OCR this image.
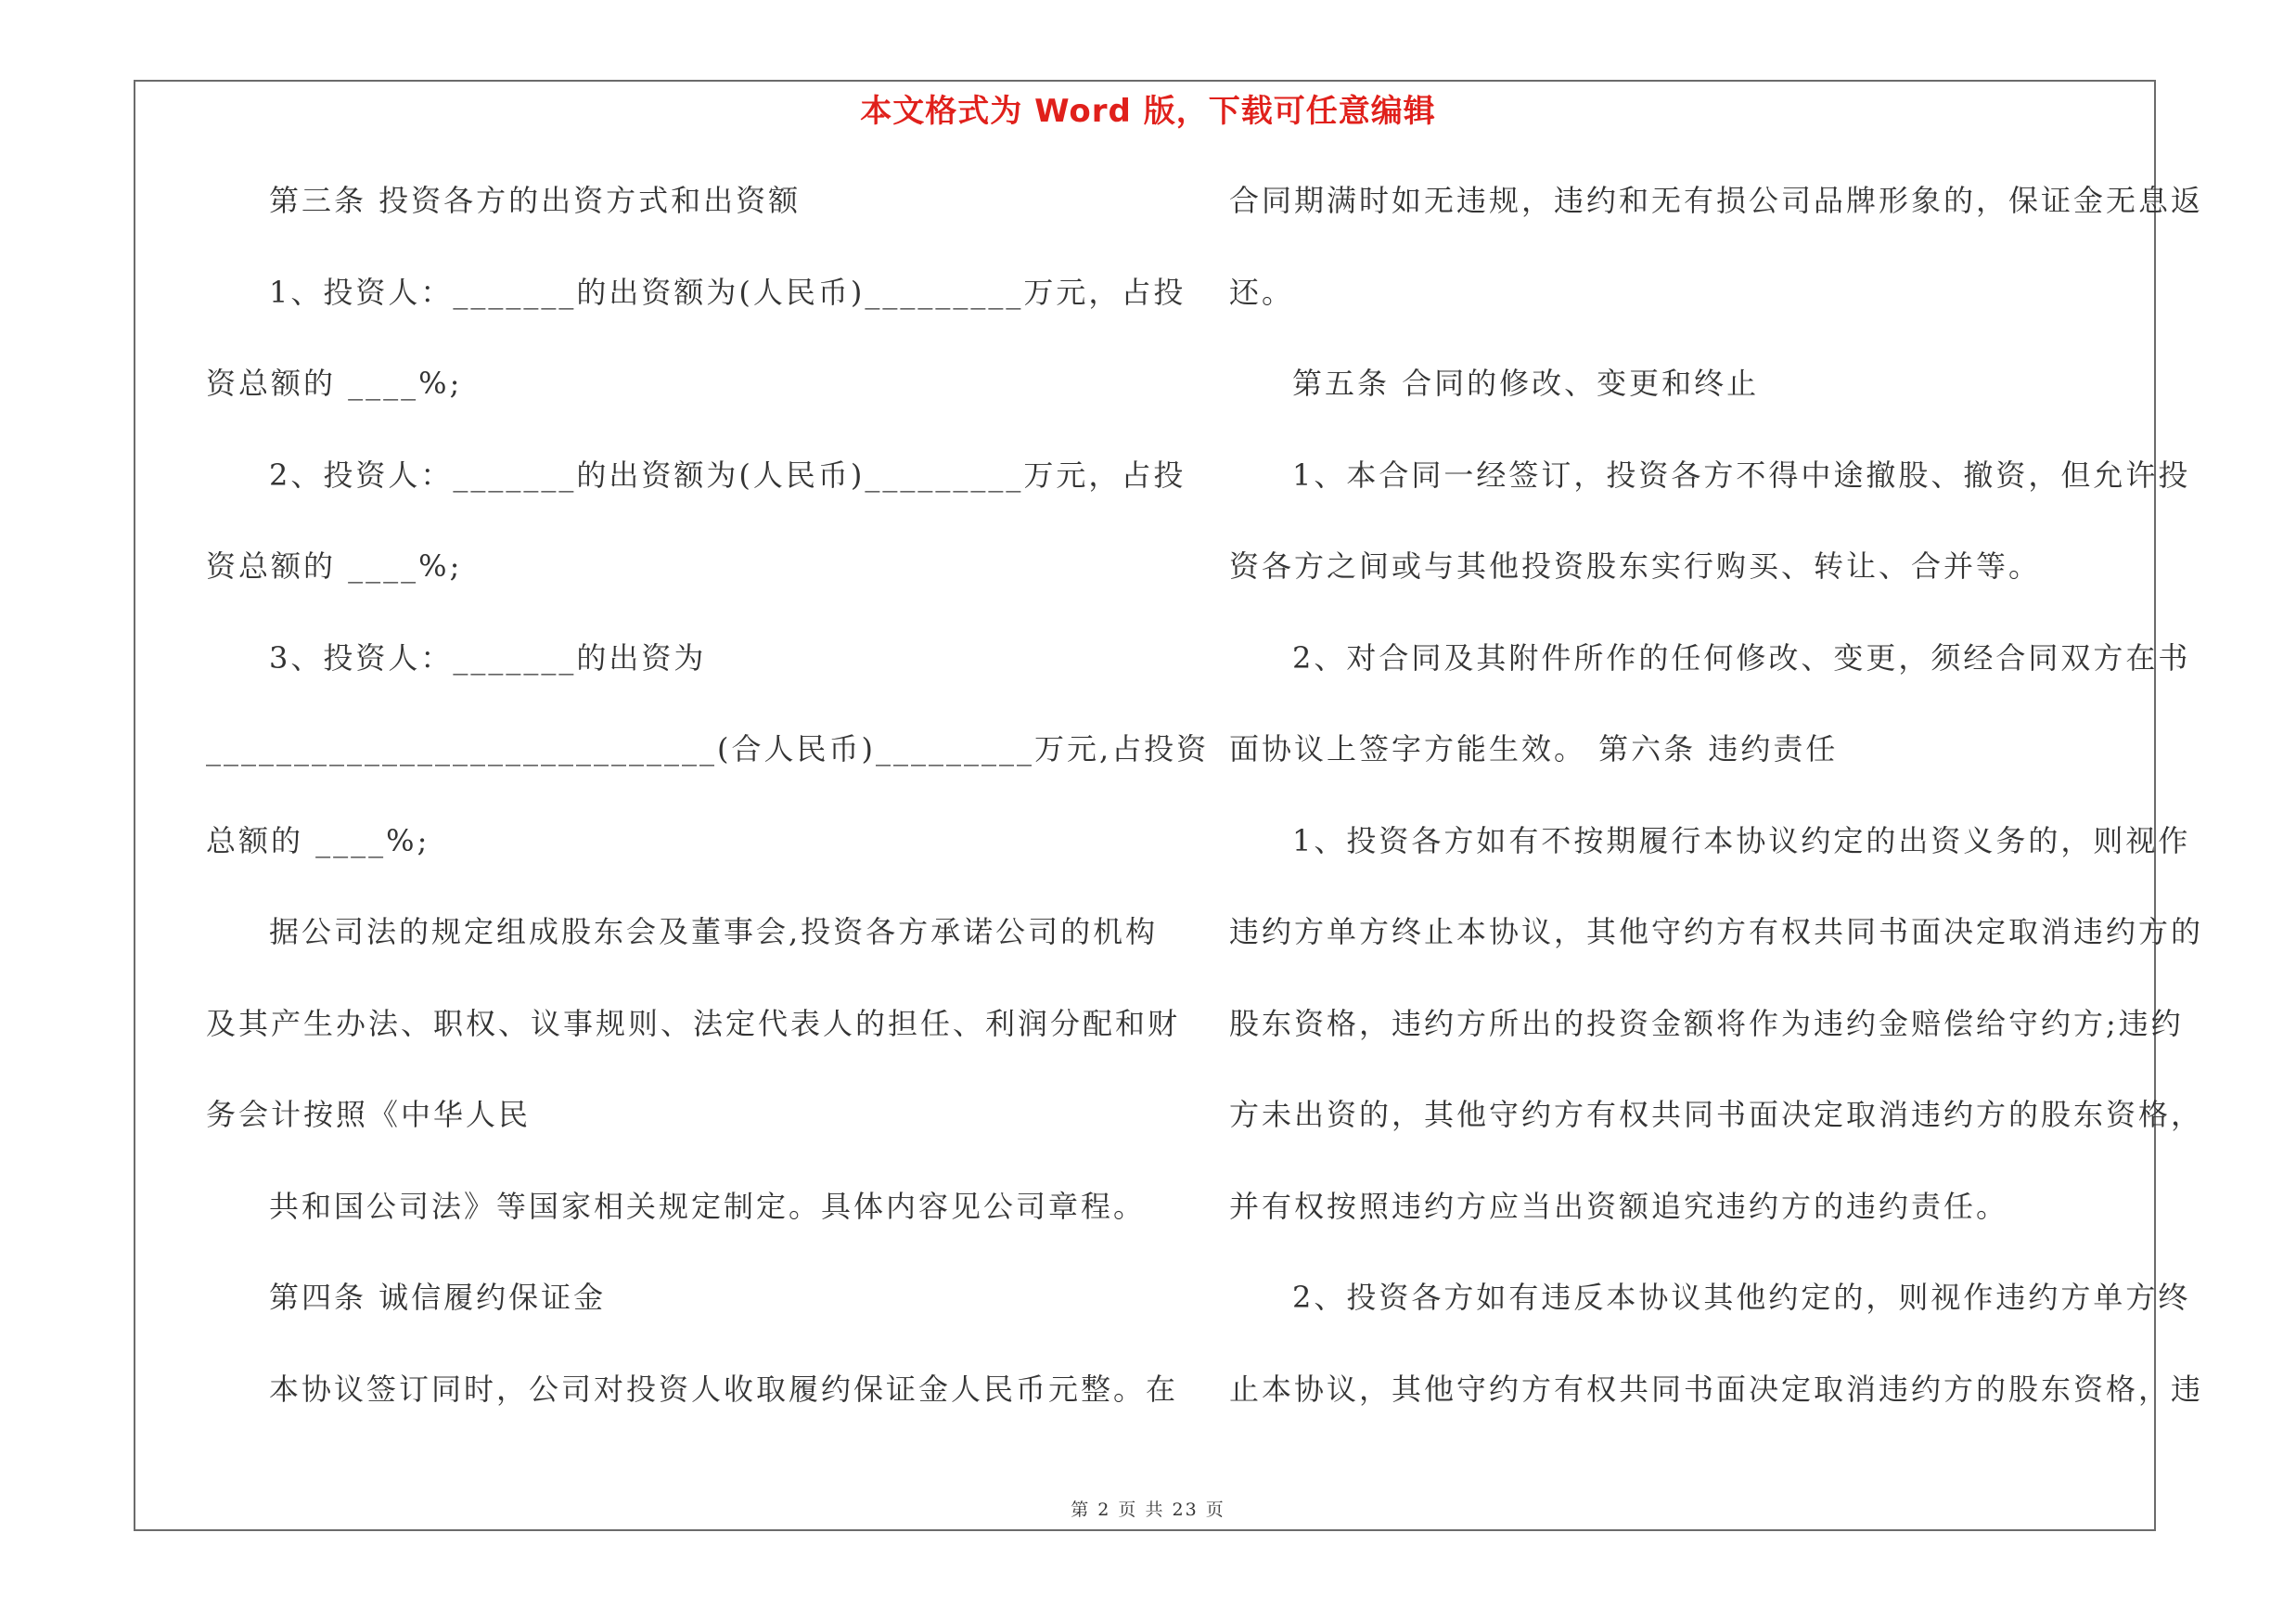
本文格式为 Word 版，下载可任意编辑
第三条 投资各方的出资方式和出资额
1、投资人：_______的出资额为(人民币)_________万元，占投
资总额的 ____%;
2、投资人：_______的出资额为(人民币)_________万元，占投
资总额的 ____%;
3、投资人：_______的出资为
_____________________________(合人民币)_________万元,占投资
总额的 ____%;
据公司法的规定组成股东会及董事会,投资各方承诺公司的机构
及其产生办法、职权、议事规则、法定代表人的担任、利润分配和财
务会计按照《中华人民
共和国公司法》等国家相关规定制定。具体内容见公司章程。
第四条 诚信履约保证金
本协议签订同时，公司对投资人收取履约保证金人民币元整。在
合同期满时如无违规，违约和无有损公司品牌形象的，保证金无息返
还。
第五条 合同的修改、变更和终止
1、本合同一经签订，投资各方不得中途撤股、撤资，但允许投
资各方之间或与其他投资股东实行购买、转让、合并等。
2、对合同及其附件所作的任何修改、变更，须经合同双方在书
面协议上签字方能生效。 第六条 违约责任
1、投资各方如有不按期履行本协议约定的出资义务的，则视作
违约方单方终止本协议，其他守约方有权共同书面决定取消违约方的
股东资格，违约方所出的投资金额将作为违约金赔偿给守约方;违约
方未出资的，其他守约方有权共同书面决定取消违约方的股东资格，
并有权按照违约方应当出资额追究违约方的违约责任。
2、投资各方如有违反本协议其他约定的，则视作违约方单方终
止本协议，其他守约方有权共同书面决定取消违约方的股东资格，违
第 2 页 共 23 页
